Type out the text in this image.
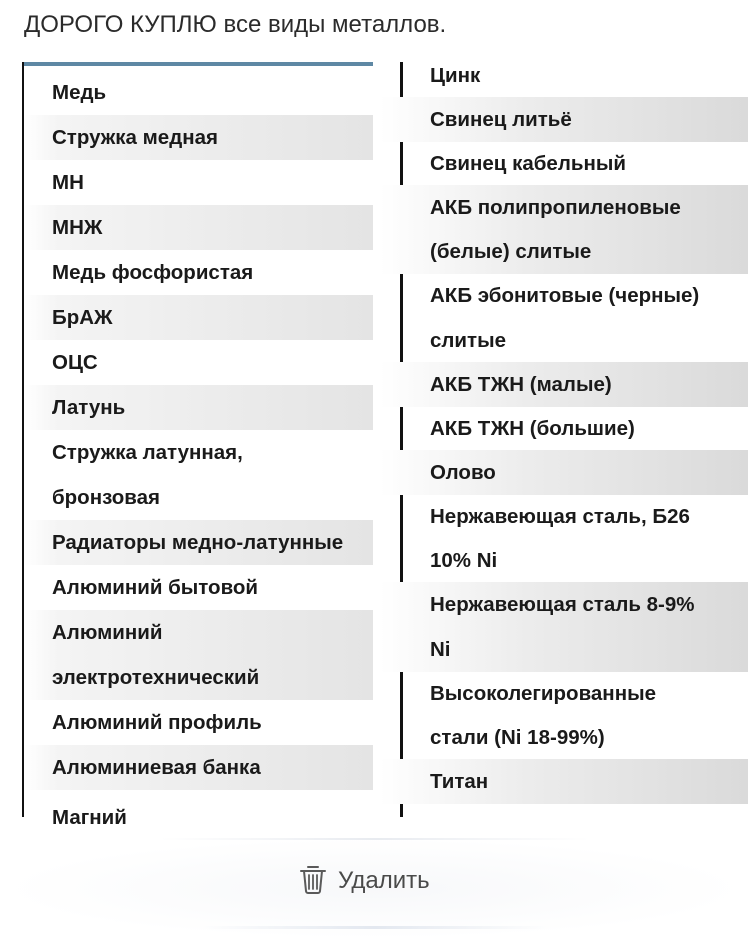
ДОРОГО КУПЛЮ все виды металлов.
Медь
Стружка медная
МН
МНЖ
Медь фосфористая
БрАЖ
ОЦС
Латунь
Стружка латунная,
бронзовая
Радиаторы медно-латунные
Алюминий бытовой
Алюминий
электротехнический
Алюминий профиль
Алюминиевая банка
Магний
Цинк
Свинец литьё
Свинец кабельный
АКБ полипропиленовые
(белые) слитые
АКБ эбонитовые (черные)
слитые
АКБ ТЖН (малые)
АКБ ТЖН (большие)
Олово
Нержавеющая сталь, Б26
10% Ni
Нержавеющая сталь 8-9%
Ni
Высоколегированные
стали (Ni 18-99%)
Титан
Удалить
